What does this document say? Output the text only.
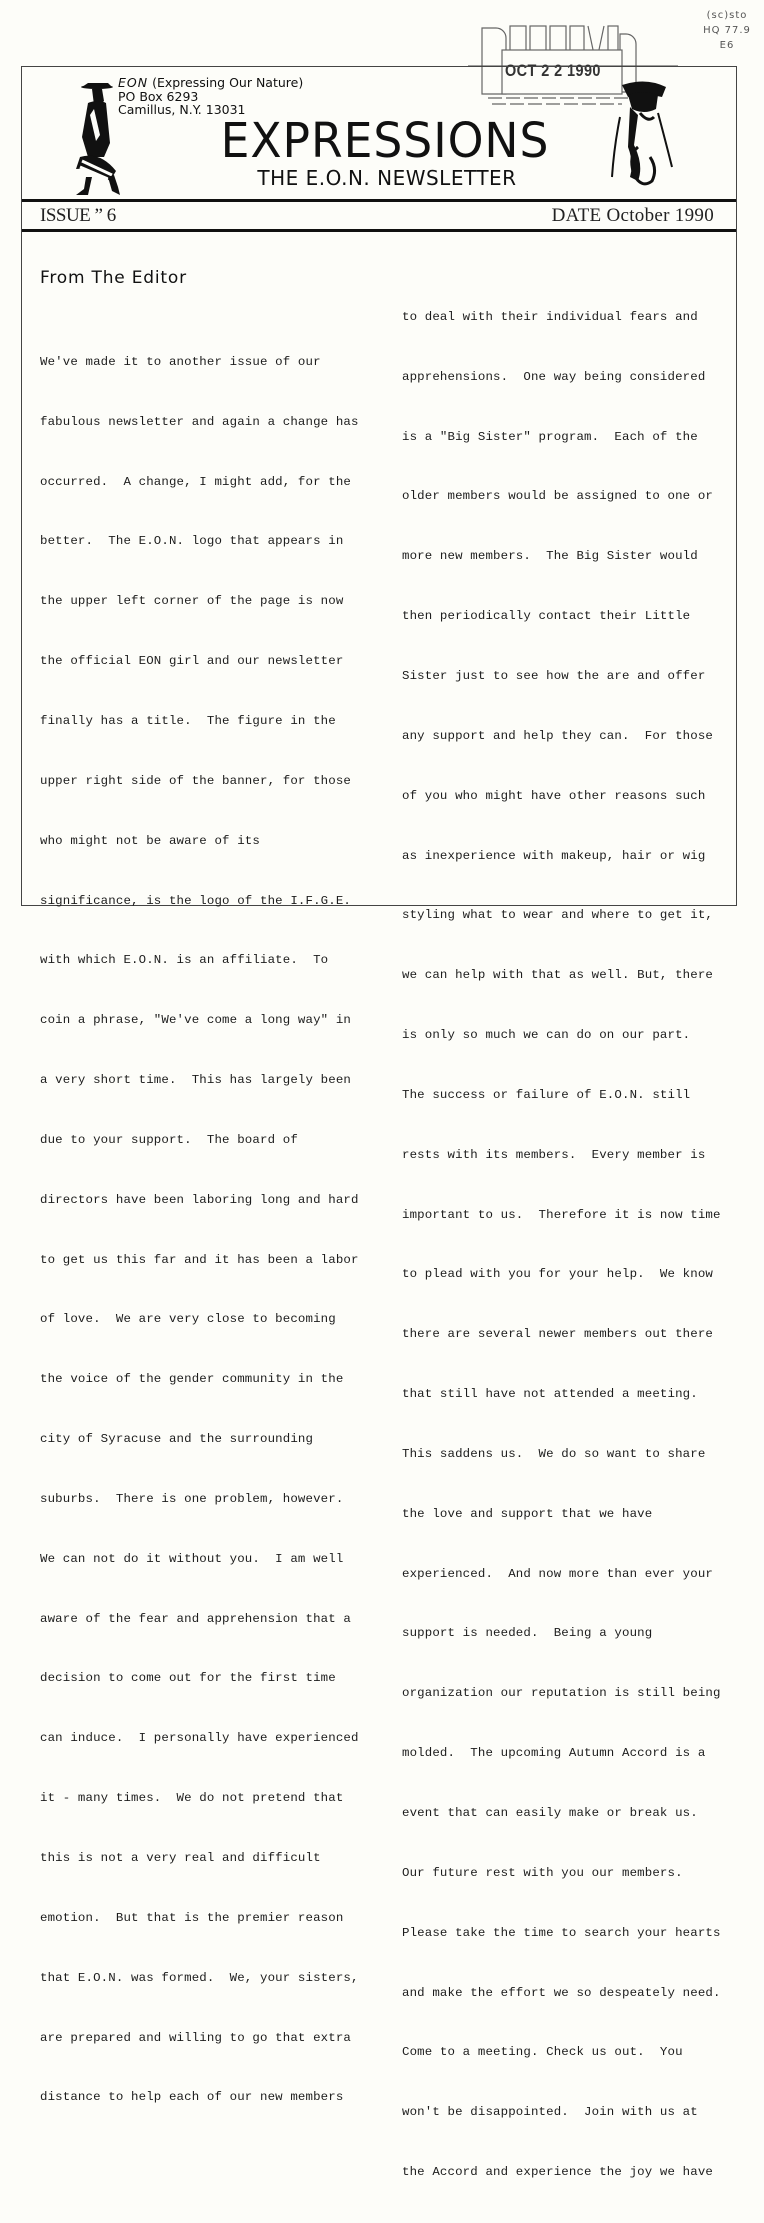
(sc)sto
HQ 77.9
E6
OCT 2 2 1990
EON (Expressing Our Nature)
PO Box 6293
Camillus, N.Y. 13031
EXPRESSIONS
THE E.O.N. NEWSLETTER
ISSUE ” 6	DATE October 1990
From The Editor

We've made it to another issue of our

fabulous newsletter and again a change has

occurred.  A change, I might add, for the

better.  The E.O.N. logo that appears in

the upper left corner of the page is now

the official EON girl and our newsletter

finally has a title.  The figure in the

upper right side of the banner, for those

who might not be aware of its

significance, is the logo of the I.F.G.E.

with which E.O.N. is an affiliate.  To

coin a phrase, "We've come a long way" in

a very short time.  This has largely been

due to your support.  The board of

directors have been laboring long and hard

to get us this far and it has been a labor

of love.  We are very close to becoming

the voice of the gender community in the

city of Syracuse and the surrounding

suburbs.  There is one problem, however.

We can not do it without you.  I am well

aware of the fear and apprehension that a

decision to come out for the first time

can induce.  I personally have experienced

it - many times.  We do not pretend that

this is not a very real and difficult

emotion.  But that is the premier reason

that E.O.N. was formed.  We, your sisters,

are prepared and willing to go that extra

distance to help each of our new members

to deal with their individual fears and

apprehensions.  One way being considered

is a "Big Sister" program.  Each of the

older members would be assigned to one or

more new members.  The Big Sister would

then periodically contact their Little

Sister just to see how the are and offer

any support and help they can.  For those

of you who might have other reasons such

as inexperience with makeup, hair or wig

styling what to wear and where to get it,

we can help with that as well. But, there

is only so much we can do on our part.

The success or failure of E.O.N. still

rests with its members.  Every member is

important to us.  Therefore it is now time

to plead with you for your help.  We know

there are several newer members out there

that still have not attended a meeting.

This saddens us.  We do so want to share

the love and support that we have

experienced.  And now more than ever your

support is needed.  Being a young

organization our reputation is still being

molded.  The upcoming Autumn Accord is a

event that can easily make or break us.

Our future rest with you our members.

Please take the time to search your hearts

and make the effort we so despeately need.

Come to a meeting. Check us out.  You

won't be disappointed.  Join with us at

the Accord and experience the joy we have
